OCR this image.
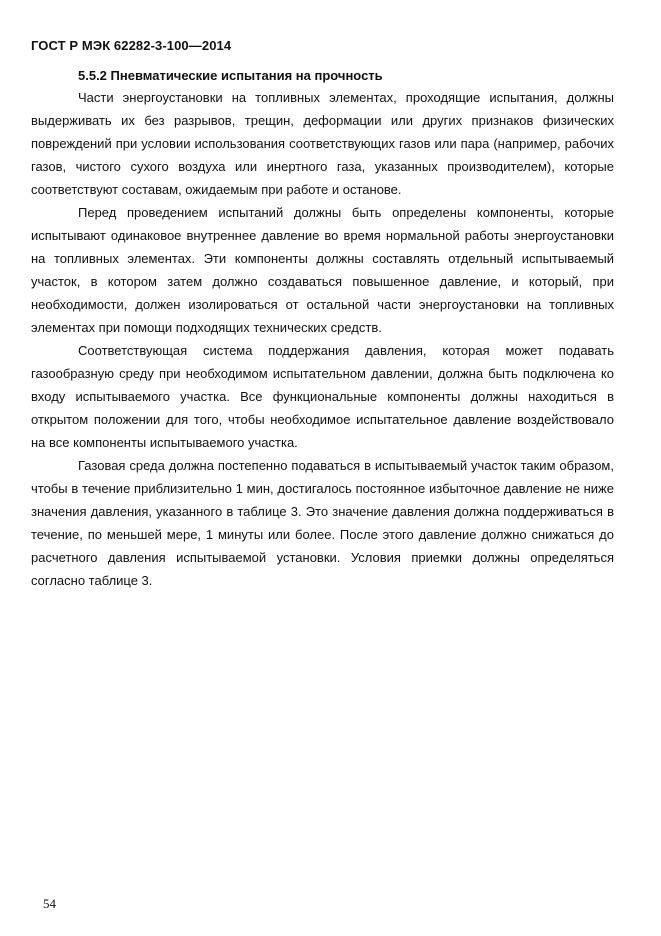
ГОСТ Р МЭК 62282-3-100—2014

5.5.2 Пневматические испытания на прочность

Части энергоустановки на топливных элементах, проходящие испытания, должны выдерживать их без разрывов, трещин, деформации или других признаков физических повреждений при условии использования соответствующих газов или пара (например, рабочих газов, чистого сухого воздуха или инертного газа, указанных производителем), которые соответствуют составам, ожидаемым при работе и останове.

Перед проведением испытаний должны быть определены компоненты, которые испытывают одинаковое внутреннее давление во время нормальной работы энергоустановки на топливных элементах. Эти компоненты должны составлять отдельный испытываемый участок, в котором затем должно создаваться повышенное давление, и который, при необходимости, должен изолироваться от остальной части энергоустановки на топливных элементах при помощи подходящих технических средств.

Соответствующая система поддержания давления, которая может подавать газообразную среду при необходимом испытательном давлении, должна быть подключена ко входу испытываемого участка. Все функциональные компоненты должны находиться в открытом положении для того, чтобы необходимое испытательное давление воздействовало на все компоненты испытываемого участка.

Газовая среда должна постепенно подаваться в испытываемый участок таким образом, чтобы в течение приблизительно 1 мин, достигалось постоянное избыточное давление не ниже значения давления, указанного в таблице 3. Это значение давления должна поддерживаться в течение, по меньшей мере, 1 минуты или более. После этого давление должно снижаться до расчетного давления испытываемой установки. Условия приемки должны определяться согласно таблице 3.

54
